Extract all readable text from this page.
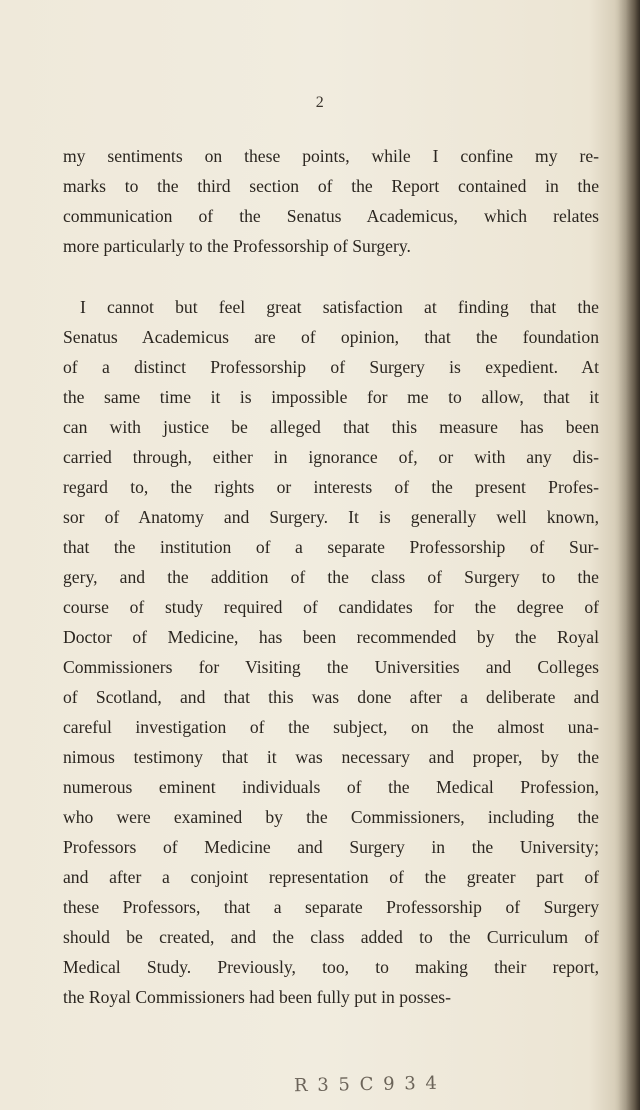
2
my sentiments on these points, while I confine my re-
marks to the third section of the Report contained in the
communication of the Senatus Academicus, which relates
more particularly to the Professorship of Surgery.
I cannot but feel great satisfaction at finding that the
Senatus Academicus are of opinion, that the foundation
of a distinct Professorship of Surgery is expedient. At
the same time it is impossible for me to allow, that it
can with justice be alleged that this measure has been
carried through, either in ignorance of, or with any dis-
regard to, the rights or interests of the present Profes-
sor of Anatomy and Surgery. It is generally well known,
that the institution of a separate Professorship of Sur-
gery, and the addition of the class of Surgery to the
course of study required of candidates for the degree of
Doctor of Medicine, has been recommended by the Royal
Commissioners for Visiting the Universities and Colleges
of Scotland, and that this was done after a deliberate and
careful investigation of the subject, on the almost una-
nimous testimony that it was necessary and proper, by the
numerous eminent individuals of the Medical Profession,
who were examined by the Commissioners, including the
Professors of Medicine and Surgery in the University;
and after a conjoint representation of the greater part of
these Professors, that a separate Professorship of Surgery
should be created, and the class added to the Curriculum of
Medical Study. Previously, too, to making their report,
the Royal Commissioners had been fully put in posses-
R 3 5 C 9 3 4
